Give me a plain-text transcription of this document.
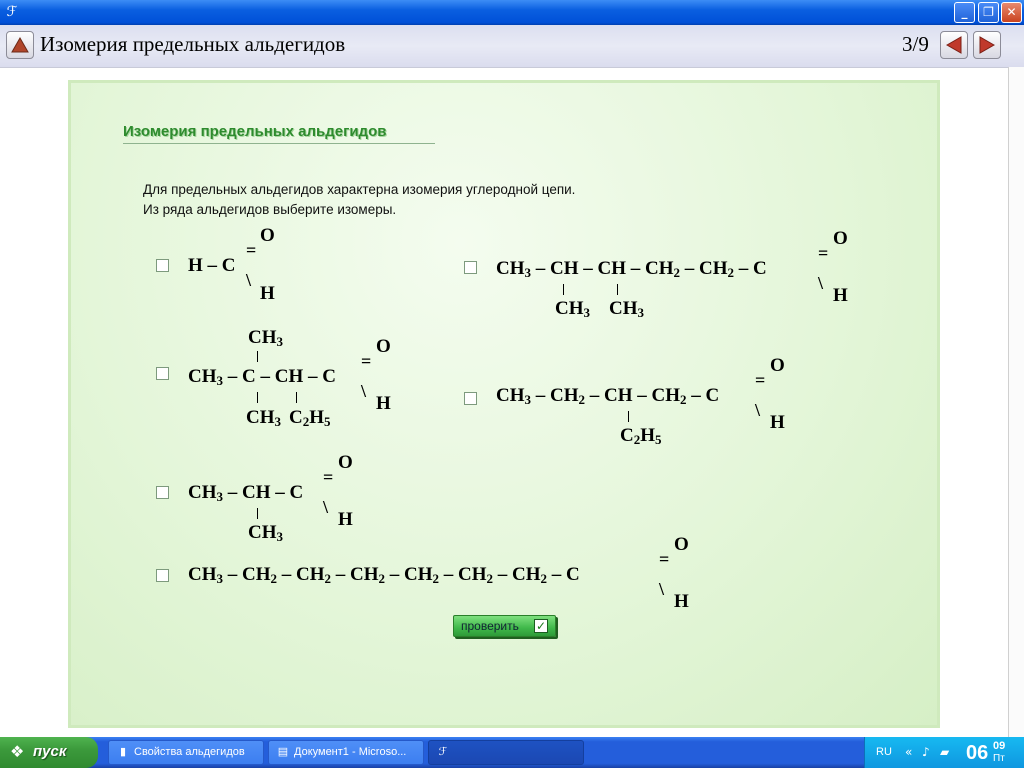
ℱ	_	❐	✕
Изомерия предельных альдегидов	3/9
Изомерия предельных альдегидов
Для предельных альдегидов характерна изомерия углеродной цепи.
Из ряда альдегидов выберите изомеры.
H – C
O
=
\
H
$CH_3$ – CH – CH – $CH_2 - CH_2$ – C
O
=
\
H
$CH_3$ $CH_3$
$CH_3$
$CH_3$ – C – CH – C
O
=
\
H
$CH_3$ $C_2H_5$
$CH_3 - CH_2$ – CH – $CH_2$ – C
O
=
\
H
$C_2H_5$
$CH_3$ – CH – C
O
=
\
H
$CH_3$
$CH_3 - CH_2 - CH_2 - CH_2 - CH_2 - CH_2 - CH_2$ – C
O
=
\
H
проверить ✓
❖ пуск	▮ Свойства альдегидов	▤ Документ1 - Microso...	ℱ	RU « ♪ ▰ 06 09
Пт
